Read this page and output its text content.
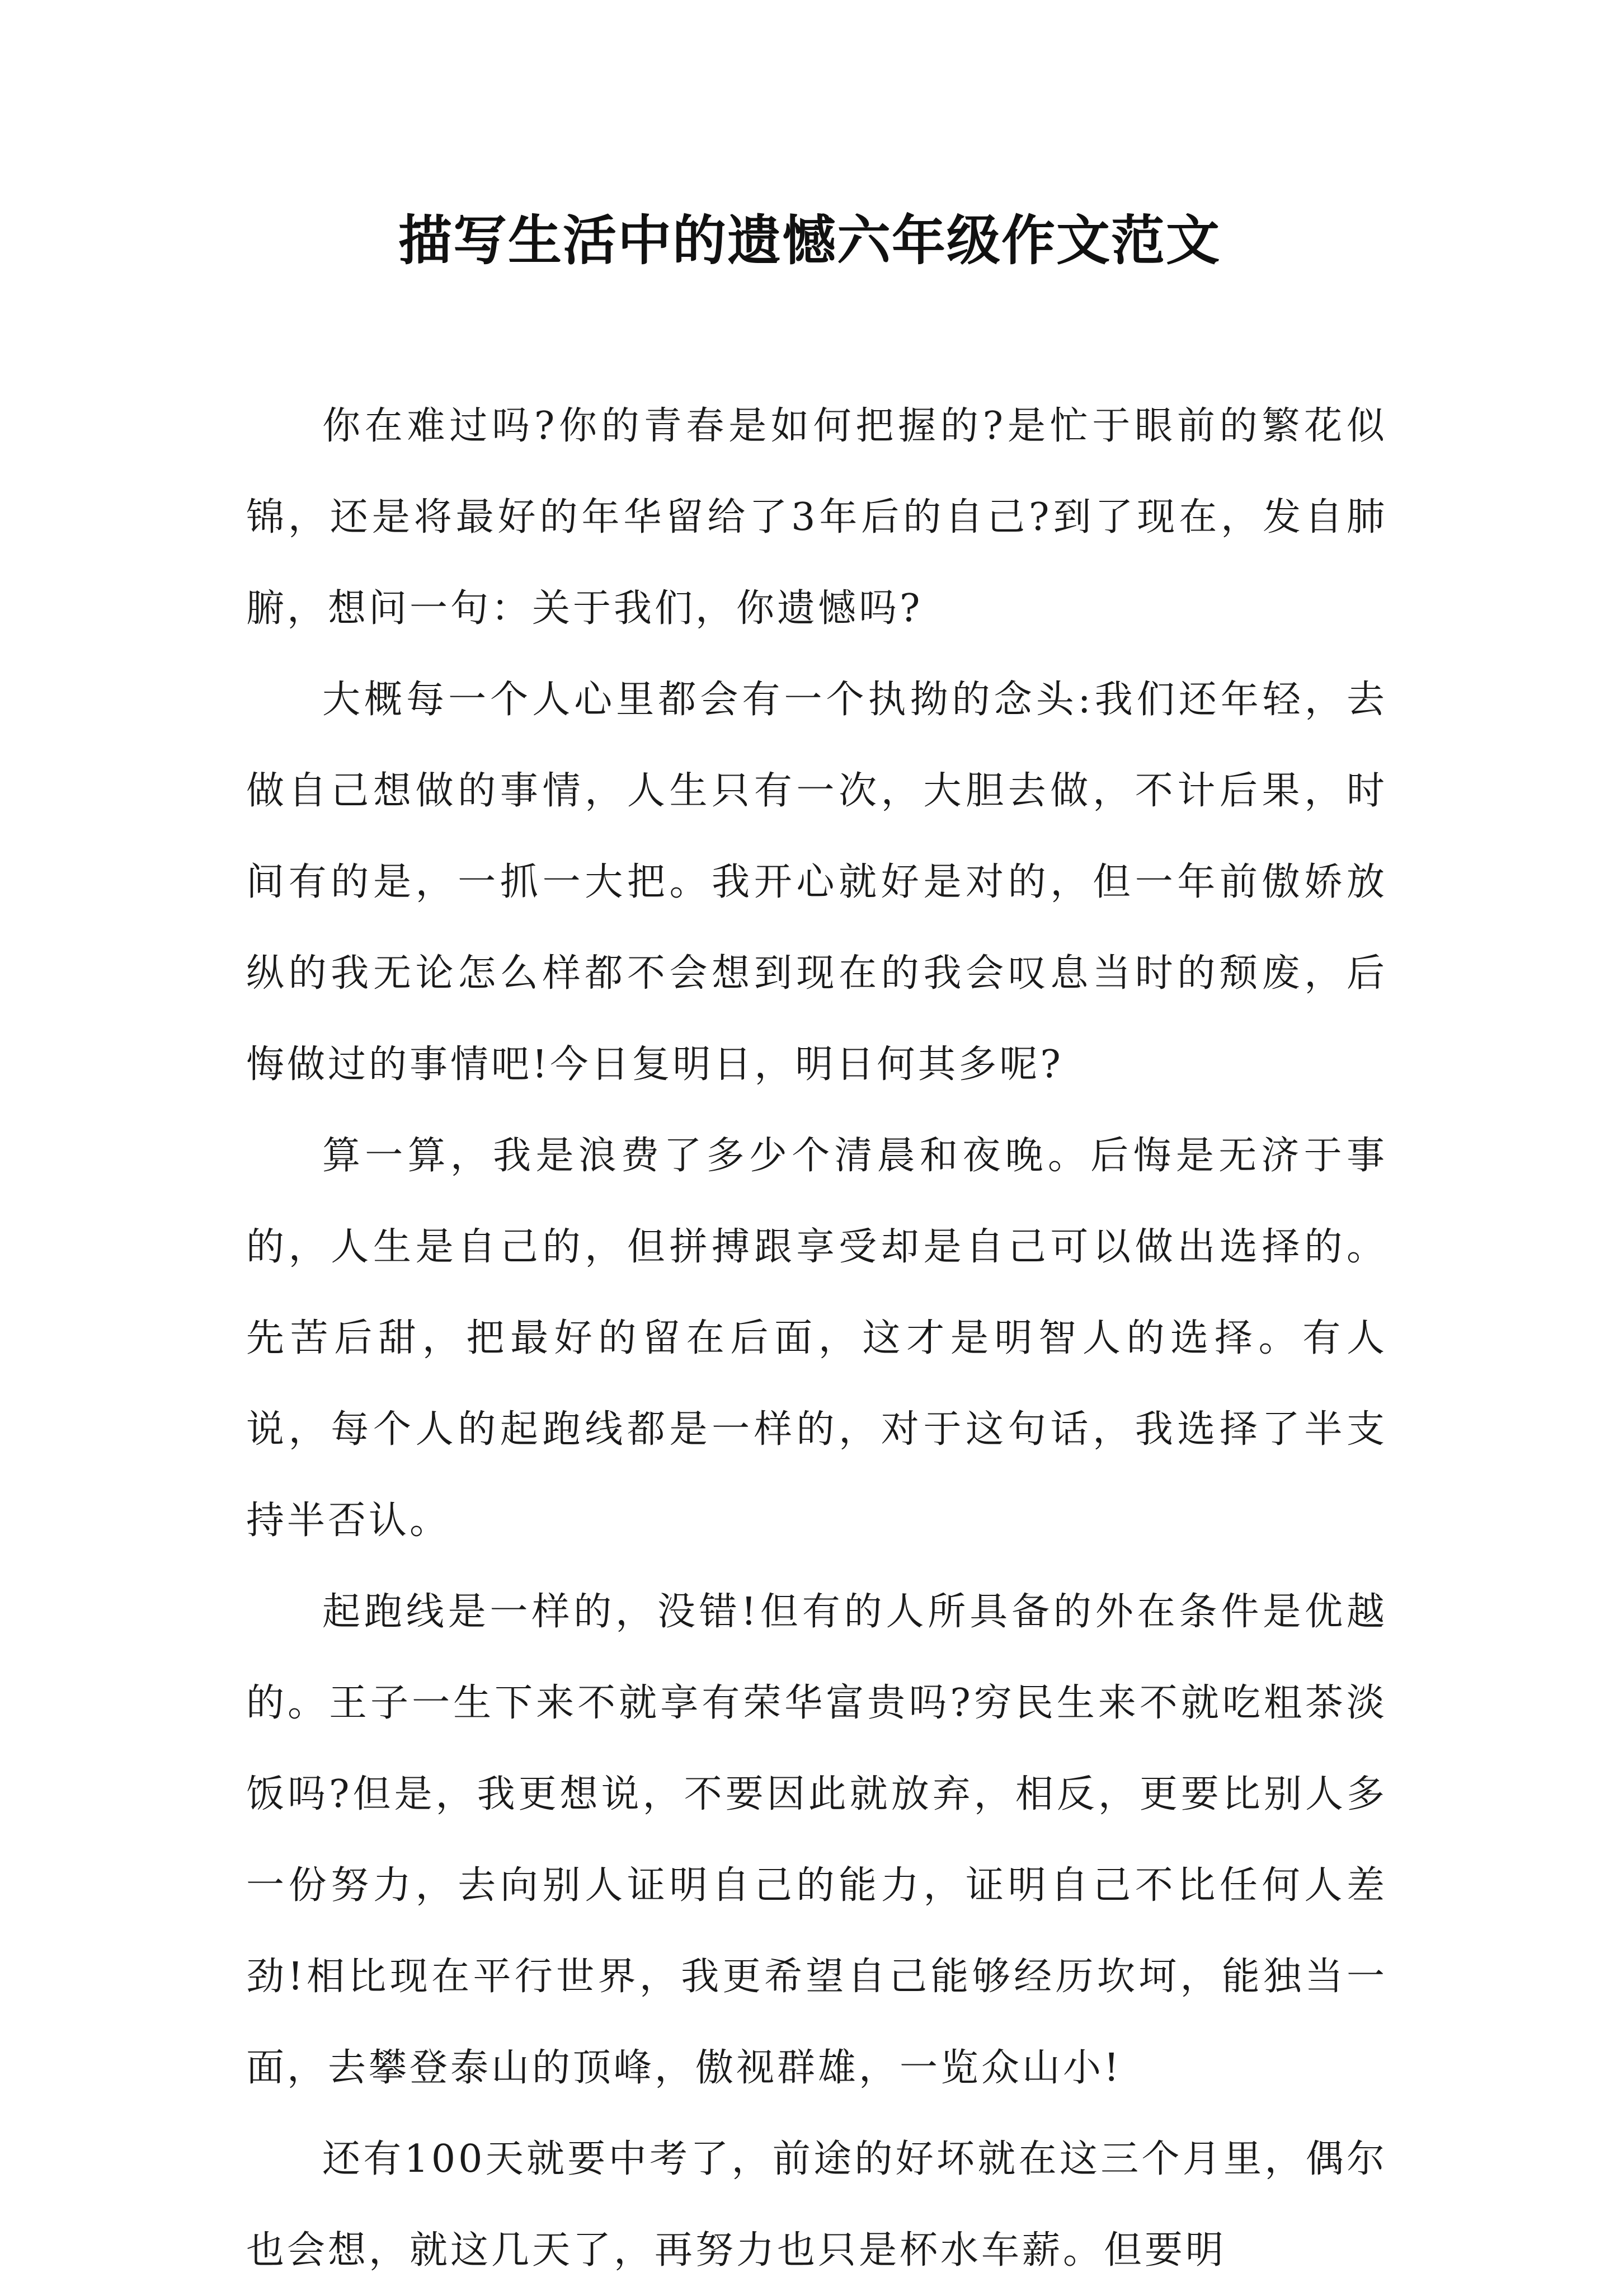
描写生活中的遗憾六年级作文范文

你在难过吗?你的青春是如何把握的?是忙于眼前的繁花似锦，还是将最好的年华留给了3年后的自己?到了现在，发自肺腑，想问一句：关于我们，你遗憾吗?

大概每一个人心里都会有一个执拗的念头:我们还年轻，去做自己想做的事情，人生只有一次，大胆去做，不计后果，时间有的是，一抓一大把。我开心就好是对的，但一年前傲娇放纵的我无论怎么样都不会想到现在的我会叹息当时的颓废，后悔做过的事情吧!今日复明日，明日何其多呢?

算一算，我是浪费了多少个清晨和夜晚。后悔是无济于事的，人生是自己的，但拼搏跟享受却是自己可以做出选择的。先苦后甜，把最好的留在后面，这才是明智人的选择。有人说，每个人的起跑线都是一样的，对于这句话，我选择了半支持半否认。

起跑线是一样的，没错!但有的人所具备的外在条件是优越的。王子一生下来不就享有荣华富贵吗?穷民生来不就吃粗茶淡饭吗?但是，我更想说，不要因此就放弃，相反，更要比别人多一份努力，去向别人证明自己的能力，证明自己不比任何人差劲!相比现在平行世界，我更希望自己能够经历坎坷，能独当一面，去攀登泰山的顶峰，傲视群雄，一览众山小!

还有100天就要中考了，前途的好坏就在这三个月里，偶尔也会想，就这几天了，再努力也只是杯水车薪。但要明
